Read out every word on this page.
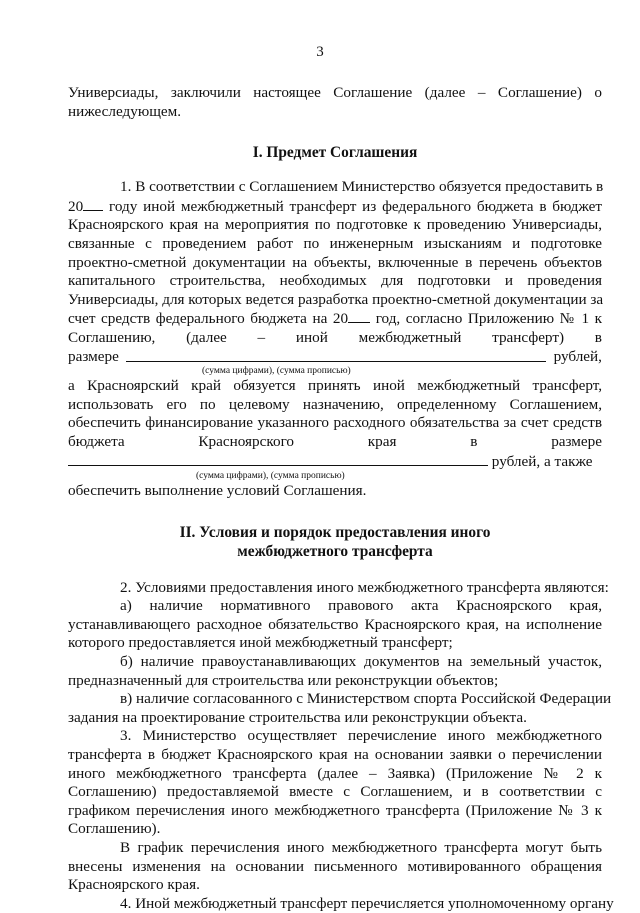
3
Универсиады, заключили настоящее Соглашение (далее – Соглашение) о
нижеследующем.
I. Предмет Соглашения
1. В соответствии с Соглашением Министерство обязуется предоставить в
20 году иной межбюджетный трансферт из федерального бюджета в бюджет
Красноярского края на мероприятия по подготовке к проведению Универсиады,
связанные с проведением работ по инженерным изысканиям и подготовке
проектно-сметной документации на объекты, включенные в перечень объектов
капитального строительства, необходимых для подготовки и проведения
Универсиады, для которых ведется разработка проектно-сметной документации за
счет средств федерального бюджета на 20 год, согласно Приложению № 1 к
Соглашению, (далее – иной межбюджетный трансферт) в
размере	рублей,
(сумма цифрами), (сумма прописью)
а Красноярский край обязуется принять иной межбюджетный трансферт,
использовать его по целевому назначению, определенному Соглашением,
обеспечить финансирование указанного расходного обязательства за счет средств
бюджета	Красноярского	края	в	размере
рублей, а также
(сумма цифрами), (сумма прописью)
обеспечить выполнение условий Соглашения.
II. Условия и порядок предоставления иного
межбюджетного трансферта
2. Условиями предоставления иного межбюджетного трансферта являются:
а) наличие нормативного правового акта Красноярского края,
устанавливающего расходное обязательство Красноярского края, на исполнение
которого предоставляется иной межбюджетный трансферт;
б) наличие правоустанавливающих документов на земельный участок,
предназначенный для строительства или реконструкции объектов;
в) наличие согласованного с Министерством спорта Российской Федерации
задания на проектирование строительства или реконструкции объекта.
3. Министерство осуществляет перечисление иного межбюджетного
трансферта в бюджет Красноярского края на основании заявки о перечислении
иного межбюджетного трансферта (далее – Заявка) (Приложение № 2 к
Соглашению) предоставляемой вместе с Соглашением, и в соответствии с
графиком перечисления иного межбюджетного трансферта (Приложение № 3 к
Соглашению).
В график перечисления иного межбюджетного трансферта могут быть
внесены изменения на основании письменного мотивированного обращения
Красноярского края.
4. Иной межбюджетный трансферт перечисляется уполномоченному органу
